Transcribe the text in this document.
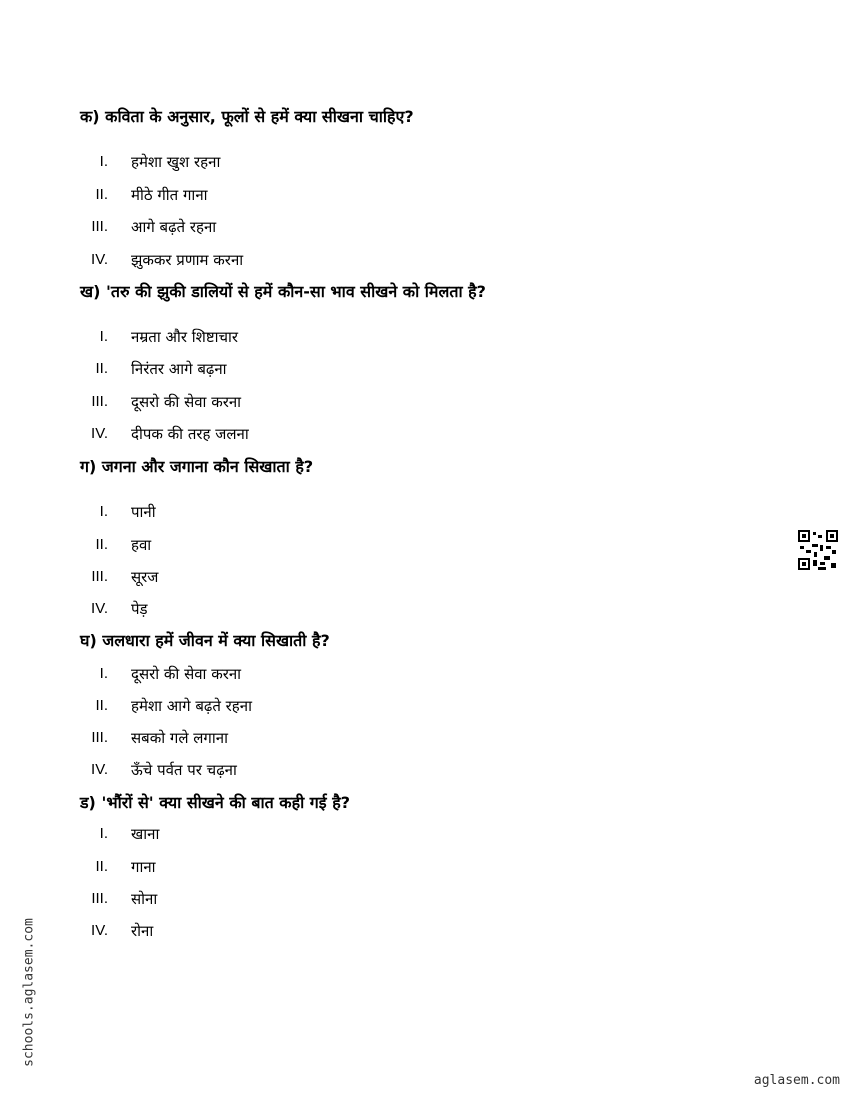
क) कविता के अनुसार, फूलों से हमें क्या सीखना चाहिए?
I. हमेशा खुश रहना
II. मीठे गीत गाना
III. आगे बढ़ते रहना
IV. झुककर प्रणाम करना
ख) 'तरु की झुकी डालियों से हमें कौन-सा भाव सीखने को मिलता है?
I. नम्रता और शिष्टाचार
II. निरंतर आगे बढ़ना
III. दूसरो की सेवा करना
IV. दीपक की तरह जलना
ग) जगना और जगाना कौन सिखाता है?
I. पानी
II. हवा
III. सूरज
IV. पेड़
घ) जलधारा हमें जीवन में क्या सिखाती है?
I. दूसरो की सेवा करना
II. हमेशा आगे बढ़ते रहना
III. सबको गले लगाना
IV. ऊँचे पर्वत पर चढ़ना
ड) 'भौंरों से' क्या सीखने की बात कही गई है?
I. खाना
II. गाना
III. सोना
IV. रोना
schools.aglasem.com
aglasem.com
